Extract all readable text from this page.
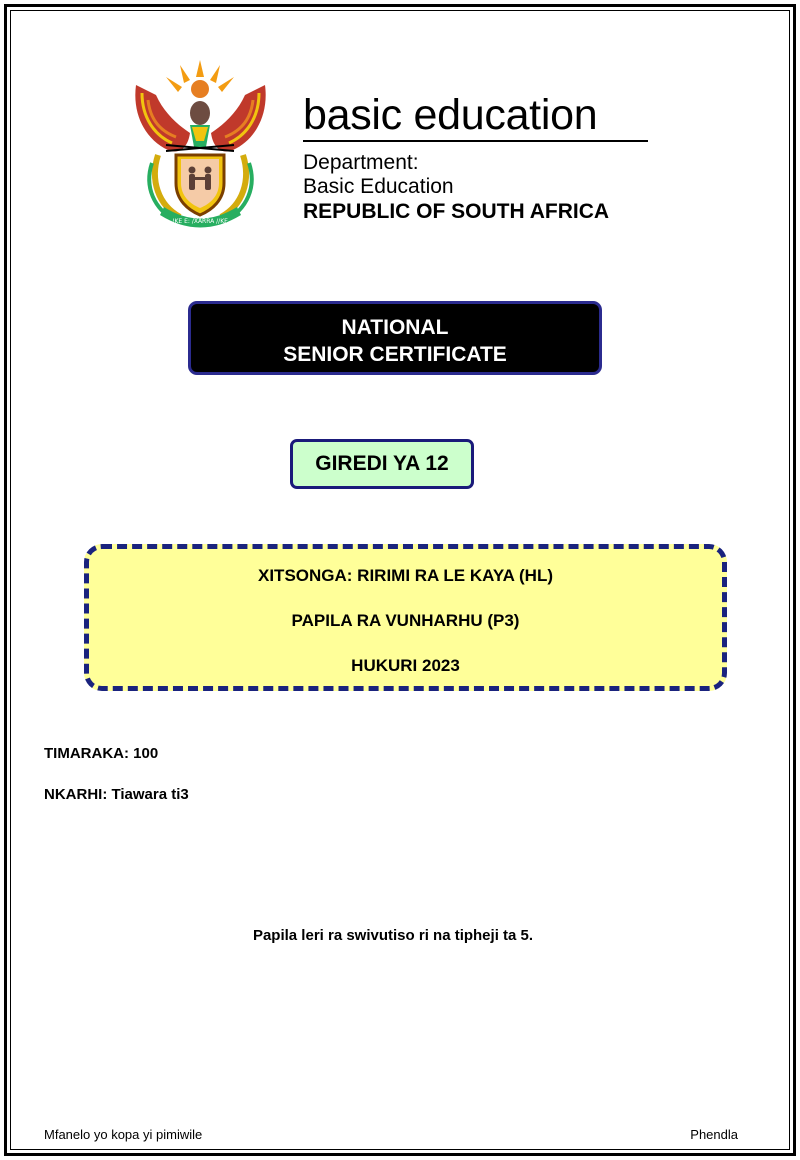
!KE E: /XARRA //KE
basic education
Department:
Basic Education
REPUBLIC OF SOUTH AFRICA
NATIONAL
SENIOR CERTIFICATE
GIREDI YA 12
XITSONGA: RIRIMI RA LE KAYA (HL)
PAPILA RA VUNHARHU (P3)
HUKURI 2023
TIMARAKA: 100
NKARHI: Tiawara ti3
Papila leri ra swivutiso ri na tipheji ta 5.
Mfanelo yo kopa yi pimiwile	Phendla
